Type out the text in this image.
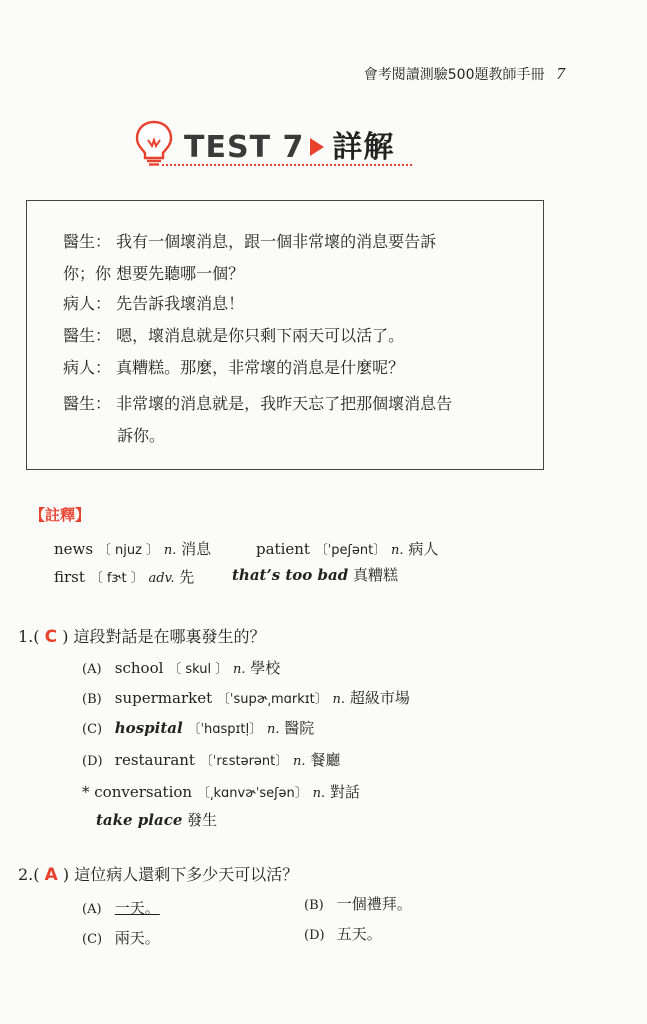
會考閱讀測驗500題教師手冊 7
TEST 7 詳解
醫生： 我有一個壞消息，跟一個非常壞的消息要告訴
你；你 想要先聽哪一個？
病人： 先告訴我壞消息！
醫生： 嗯，壞消息就是你只剩下兩天可以活了。
病人： 真糟糕。那麼，非常壞的消息是什麼呢？
醫生： 非常壞的消息就是，我昨天忘了把那個壞消息告
訴你。
【註釋】
news 〔 njuz 〕 n. 消息	patient 〔ˈpeʃənt〕 n. 病人
first 〔 fɝt 〕 adv. 先	that’s too bad 真糟糕
1.( C ) 這段對話是在哪裏發生的？
(A) school 〔 skul 〕 n. 學校
(B) supermarket 〔ˈsupɚ͵mɑrkɪt〕 n. 超級市場
(C) hospital 〔ˈhɑspɪtḷ〕 n. 醫院
(D) restaurant 〔ˈrɛstərənt〕 n. 餐廳
* conversation 〔͵kɑnvɚˈseʃən〕 n. 對話
take place 發生
2.( A ) 這位病人還剩下多少天可以活？
(A) 一天。	(B) 一個禮拜。
(C) 兩天。	(D) 五天。
